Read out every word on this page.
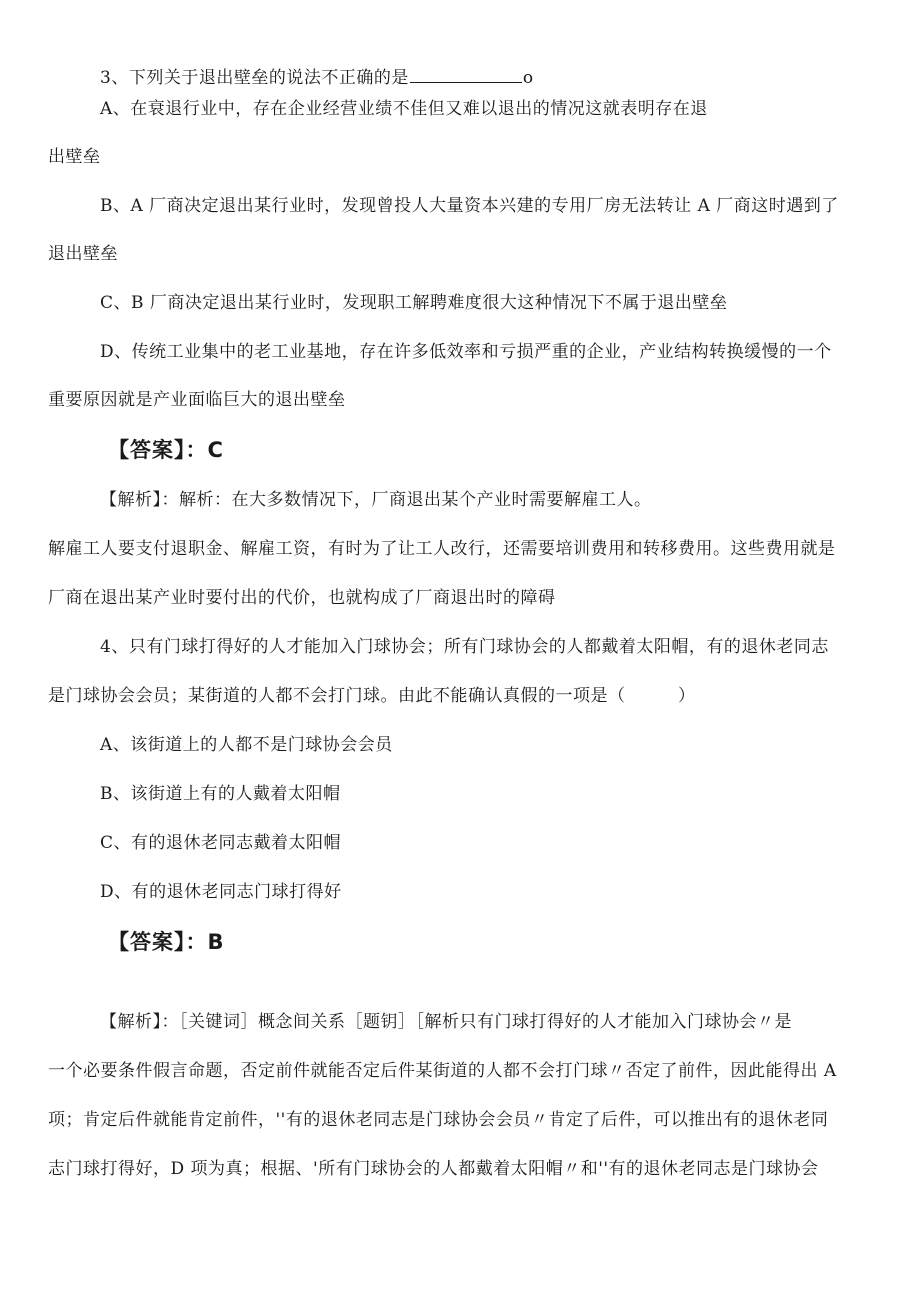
3、下列关于退出壁垒的说法不正确的是	o
A、在衰退行业中，存在企业经营业绩不佳但又难以退出的情况这就表明存在退
出壁垒
B、A 厂商决定退出某行业时，发现曾投人大量资本兴建的专用厂房无法转让 A 厂商这时遇到了
退出壁垒
C、B 厂商决定退出某行业时，发现职工解聘难度很大这种情况下不属于退出壁垒
D、传统工业集中的老工业基地，存在许多低效率和亏损严重的企业，产业结构转换缓慢的一个
重要原因就是产业面临巨大的退出壁垒
【答案】：C
【解析】：解析：在大多数情况下，厂商退出某个产业时需要解雇工人。
解雇工人要支付退职金、解雇工资，有时为了让工人改行，还需要培训费用和转移费用。这些费用就是
厂商在退出某产业时要付出的代价，也就构成了厂商退出时的障碍
4、只有门球打得好的人才能加入门球协会；所有门球协会的人都戴着太阳帽，有的退休老同志
是门球协会会员；某街道的人都不会打门球。由此不能确认真假的一项是（　　　）
A、该街道上的人都不是门球协会会员
B、该街道上有的人戴着太阳帽
C、有的退休老同志戴着太阳帽
D、有的退休老同志门球打得好
【答案】：B
【解析】：［关键词］概念间关系［题钥］［解析只有门球打得好的人才能加入门球协会〃是
一个必要条件假言命题，否定前件就能否定后件某街道的人都不会打门球〃否定了前件，因此能得出 A
项；肯定后件就能肯定前件，''有的退休老同志是门球协会会员〃肯定了后件，可以推出有的退休老同
志门球打得好，D 项为真；根据、'所有门球协会的人都戴着太阳帽〃和''有的退休老同志是门球协会
